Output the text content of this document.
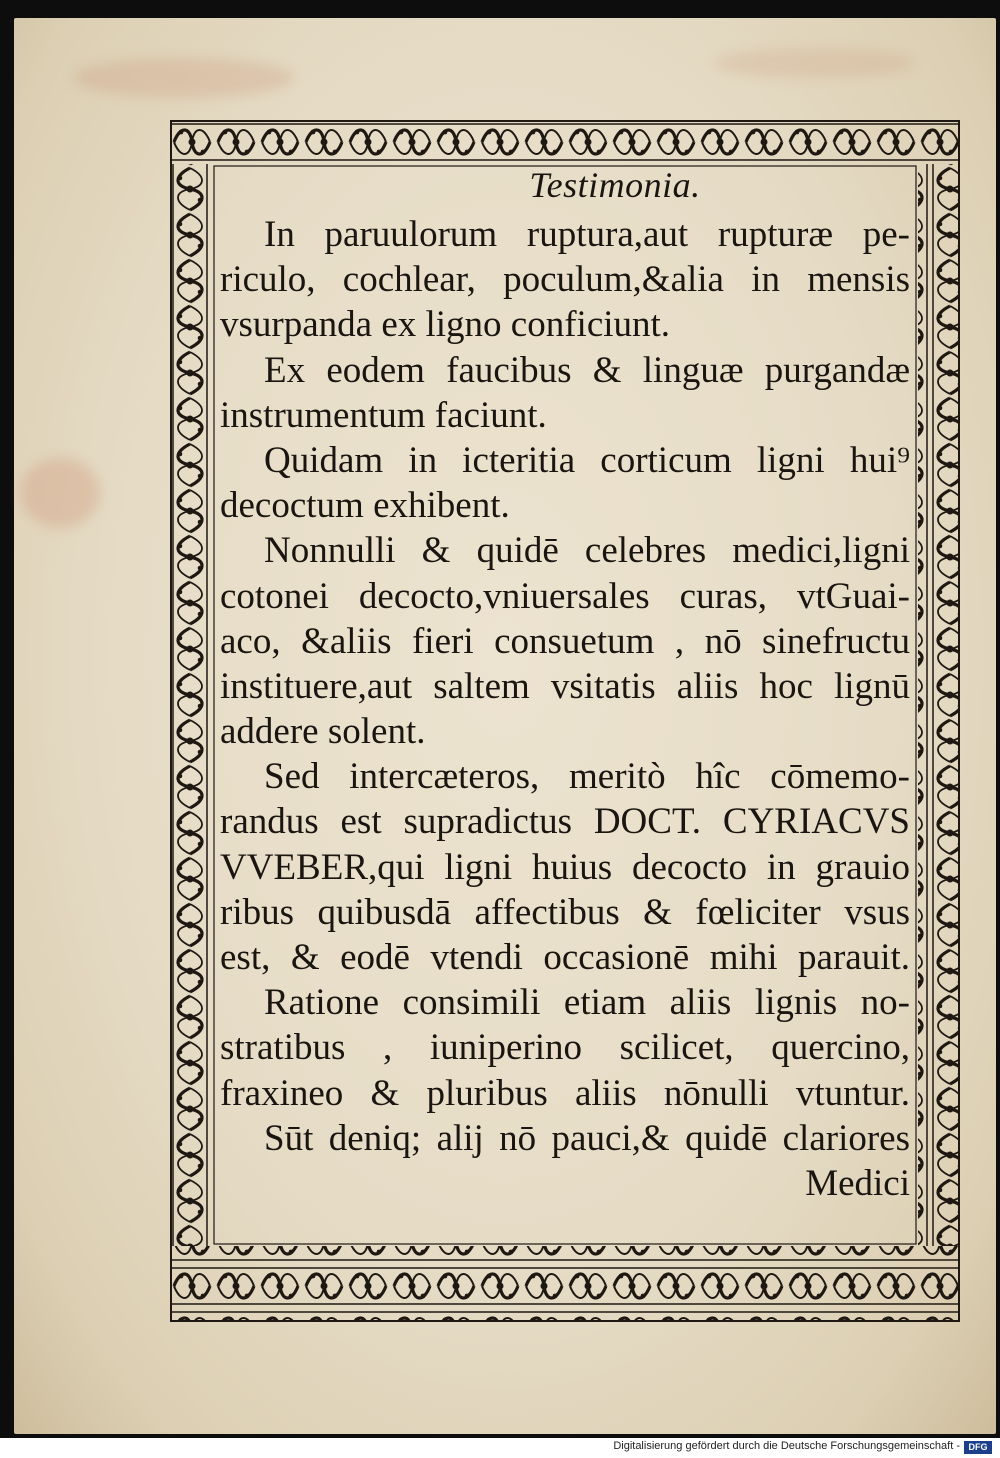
Testimonia.
In paruulorum ruptura,aut rupturæ pe-
riculo, cochlear, poculum,&alia in mensis
vsurpanda ex ligno conficiunt.
Ex eodem faucibus & linguæ purgandæ
instrumentum faciunt.
Quidam in icteritia corticum ligni hui⁹
decoctum exhibent.
Nonnulli & quidē celebres medici,ligni
cotonei decocto,vniuersales curas, vtGuai-
aco, &aliis fieri consuetum , nō sinefructu
instituere,aut saltem vsitatis aliis hoc lignū
addere solent.
Sed intercæteros, meritò hîc cōmemo-
randus est supradictus DOCT. CYRIACVS
VVEBER,qui ligni huius decocto in grauio
ribus quibusdā affectibus & fœliciter vsus
est, & eodē vtendi occasionē mihi parauit.
Ratione consimili etiam aliis lignis no-
stratibus , iuniperino scilicet, quercino,
fraxineo & pluribus aliis nōnulli vtuntur.
Sūt deniq; alij nō pauci,& quidē clariores
Medici
Digitalisierung gefördert durch die Deutsche Forschungsgemeinschaft - DFG
